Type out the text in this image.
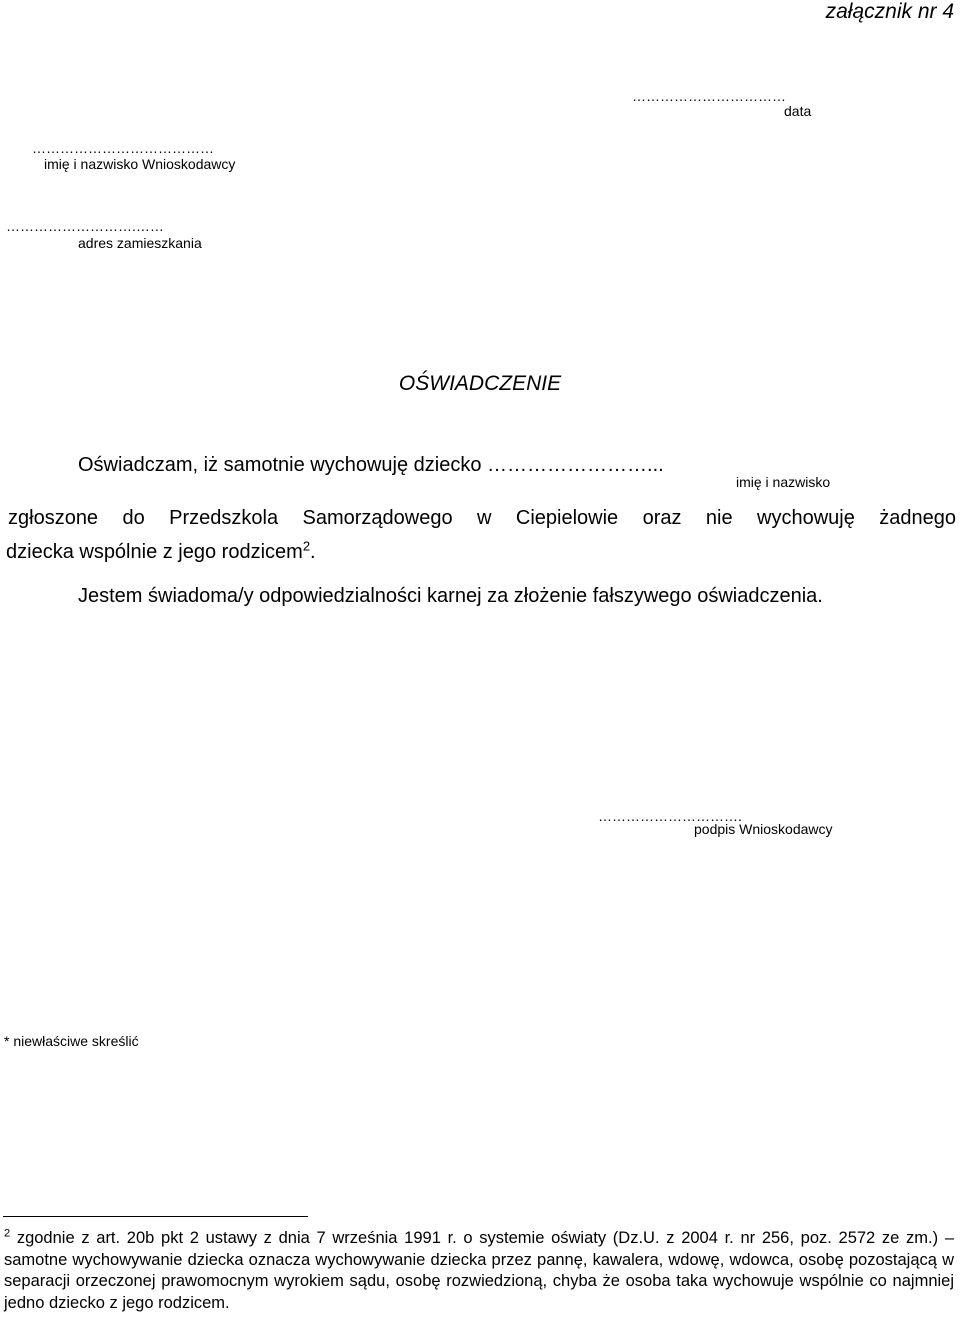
załącznik nr 4
……………………………
data
…………………………………
imię i nazwisko Wnioskodawcy
……………………….……
adres zamieszkania
OŚWIADCZENIE
Oświadczam, iż samotnie wychowuję dziecko ……………………...
imię i nazwisko
zgłoszone do Przedszkola Samorządowego w Ciepielowie oraz nie wychowuję żadnego
dziecka wspólnie z jego rodzicem$^2$.
Jestem świadoma/y odpowiedzialności karnej za złożenie fałszywego oświadczenia.
………………………….
podpis Wnioskodawcy
* niewłaściwe skreślić
$^2$ zgodnie z art. 20b pkt 2 ustawy z dnia 7 września 1991 r. o systemie oświaty (Dz.U. z 2004 r. nr 256, poz. 2572 ze zm.) – samotne wychowywanie dziecka oznacza wychowywanie dziecka przez pannę, kawalera, wdowę, wdowca, osobę pozostającą w separacji orzeczonej prawomocnym wyrokiem sądu, osobę rozwiedzioną, chyba że osoba taka wychowuje wspólnie co najmniej jedno dziecko z jego rodzicem.
